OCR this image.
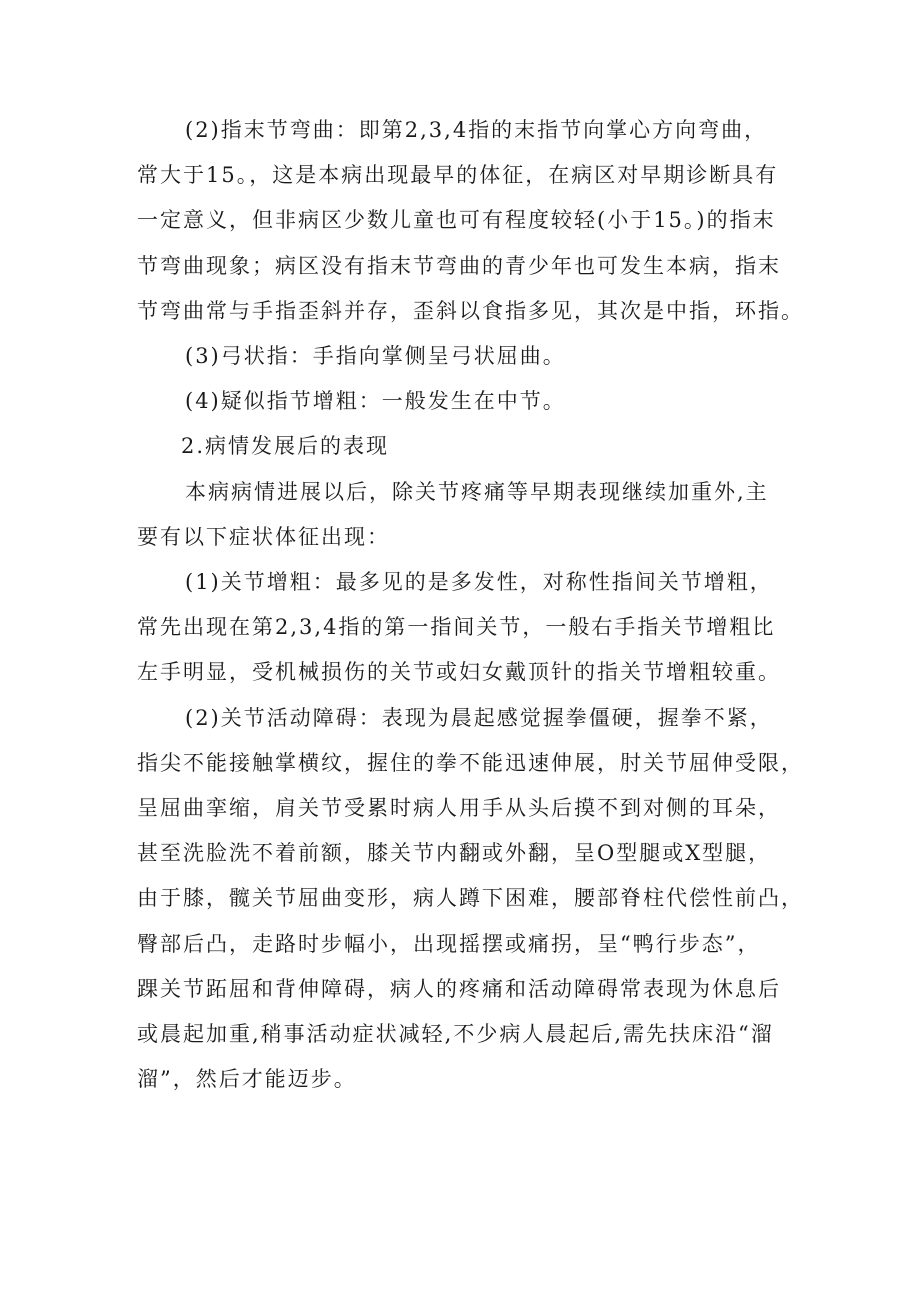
(2)指末节弯曲：即第2,3,4指的末指节向掌心方向弯曲，
常大于15。，这是本病出现最早的体征，在病区对早期诊断具有
一定意义，但非病区少数儿童也可有程度较轻(小于15。)的指末
节弯曲现象；病区没有指末节弯曲的青少年也可发生本病，指末
节弯曲常与手指歪斜并存，歪斜以食指多见，其次是中指，环指。

(3)弓状指：手指向掌侧呈弓状屈曲。

(4)疑似指节增粗：一般发生在中节。

2.病情发展后的表现

本病病情进展以后，除关节疼痛等早期表现继续加重外,主
要有以下症状体征出现：

(1)关节增粗：最多见的是多发性，对称性指间关节增粗，
常先出现在第2,3,4指的第一指间关节，一般右手指关节增粗比
左手明显，受机械损伤的关节或妇女戴顶针的指关节增粗较重。

(2)关节活动障碍：表现为晨起感觉握拳僵硬，握拳不紧，
指尖不能接触掌横纹，握住的拳不能迅速伸展，肘关节屈伸受限，
呈屈曲挛缩，肩关节受累时病人用手从头后摸不到对侧的耳朵，
甚至洗脸洗不着前额，膝关节内翻或外翻，呈O型腿或X型腿，
由于膝，髋关节屈曲变形，病人蹲下困难，腰部脊柱代偿性前凸，
臀部后凸，走路时步幅小，出现摇摆或痛拐，呈“鸭行步态”，
踝关节跖屈和背伸障碍，病人的疼痛和活动障碍常表现为休息后
或晨起加重,稍事活动症状减轻,不少病人晨起后,需先扶床沿“溜
溜”，然后才能迈步。
